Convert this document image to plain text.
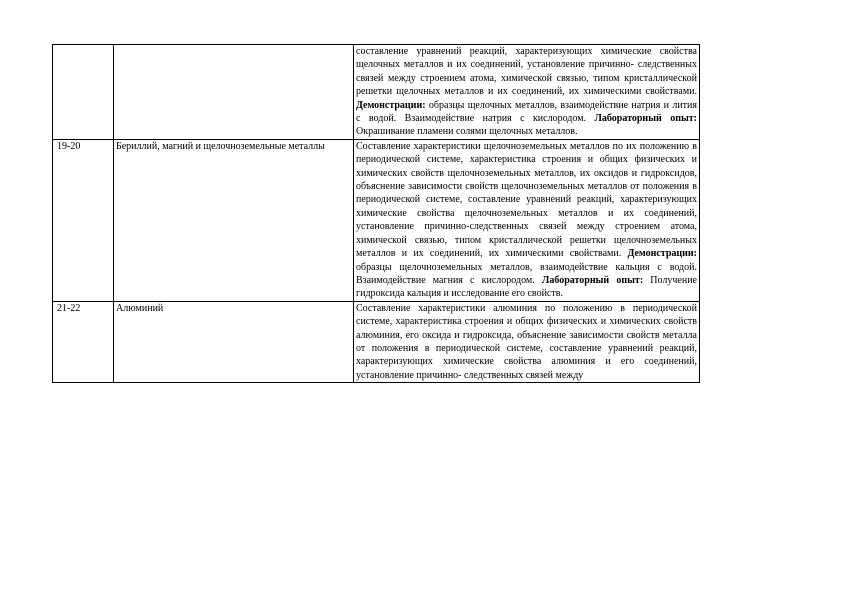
		составление уравнений реакций, характеризующих химические свойства щелочных металлов и их соединений, установление причинно- следственных связей между строением атома, химической связью, типом кристаллической решетки щелочных металлов и их соединений, их химическими свойствами. Демонстрации: образцы щелочных металлов, взаимодействие натрия и лития с водой. Взаимодействие натрия с кислородом. Лабораторный опыт: Окрашивание пламени солями щелочных металлов.

19-20	Бериллий, магний и щелочноземельные металлы	Составление характеристики щелочноземельных металлов по их положению в периодической системе, характеристика строения и общих физических и химических свойств щелочноземельных металлов, их оксидов и гидроксидов, объяснение зависимости свойств щелочноземельных металлов от положения в периодической системе, составление уравнений реакций, характеризующих химические свойства щелочноземельных металлов и их соединений, установление причинно-следственных связей между строением атома, химической связью, типом кристаллической решетки щелочноземельных металлов и их соединений, их химическими свойствами. Демонстрации: образцы щелочноземельных металлов, взаимодействие кальция с водой. Взаимодействие магния с кислородом. Лабораторный опыт: Получение гидроксида кальция и исследование его свойств.

21-22	Алюминий	Составление характеристики алюминия по положению в периодической системе, характеристика строения и общих физических и химических свойств алюминия, его оксида и гидроксида, объяснение зависимости свойств металла от положения в периодической системе, составление уравнений реакций, характеризующих химические свойства алюминия и его соединений, установление причинно- следственных связей между
